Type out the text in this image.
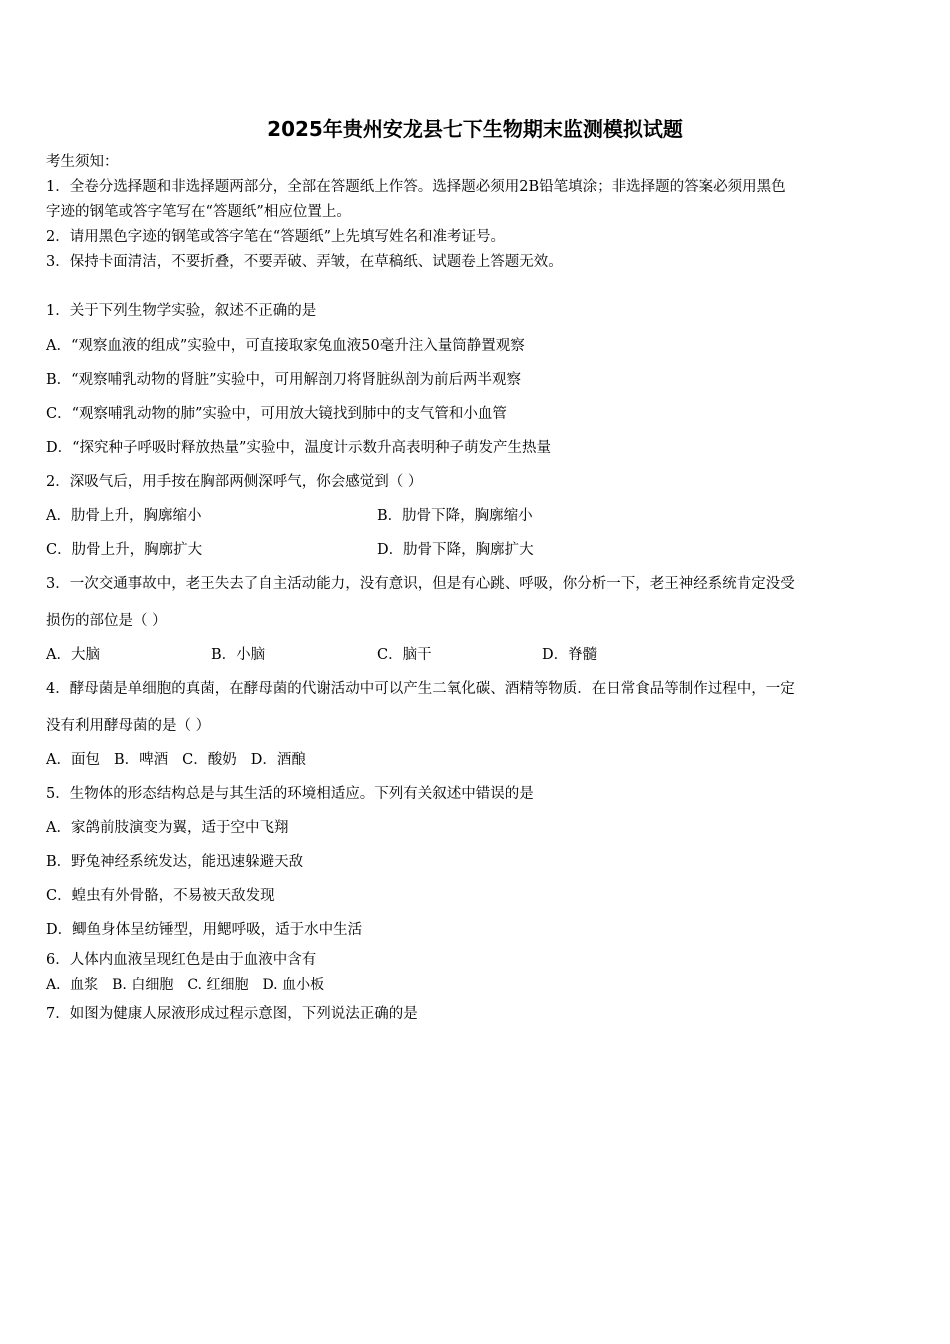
2025年贵州安龙县七下生物期末监测模拟试题
考生须知：
1．全卷分选择题和非选择题两部分，全部在答题纸上作答。选择题必须用2B铅笔填涂；非选择题的答案必须用黑色
字迹的钢笔或答字笔写在“答题纸”相应位置上。
2．请用黑色字迹的钢笔或答字笔在“答题纸”上先填写姓名和准考证号。
3．保持卡面清洁，不要折叠，不要弄破、弄皱，在草稿纸、试题卷上答题无效。
1．关于下列生物学实验，叙述不正确的是
A．“观察血液的组成”实验中，可直接取家兔血液50毫升注入量筒静置观察
B．“观察哺乳动物的肾脏”实验中，可用解剖刀将肾脏纵剖为前后两半观察
C．“观察哺乳动物的肺”实验中，可用放大镜找到肺中的支气管和小血管
D．“探究种子呼吸时释放热量”实验中，温度计示数升高表明种子萌发产生热量
2．深吸气后，用手按在胸部两侧深呼气，你会感觉到（ ）
A．肋骨上升，胸廓缩小	B．肋骨下降，胸廓缩小
C．肋骨上升，胸廓扩大	D．肋骨下降，胸廓扩大
3．一次交通事故中，老王失去了自主活动能力，没有意识，但是有心跳、呼吸，你分析一下，老王神经系统肯定没受
损伤的部位是（ ）
A．大脑	B．小脑	C．脑干	D．脊髓
4．酵母菌是单细胞的真菌，在酵母菌的代谢活动中可以产生二氧化碳、酒精等物质．在日常食品等制作过程中，一定
没有利用酵母菌的是（ ）
A．面包 B．啤酒 C．酸奶 D．酒酿
5．生物体的形态结构总是与其生活的环境相适应。下列有关叙述中错误的是
A．家鸽前肢演变为翼，适于空中飞翔
B．野兔神经系统发达，能迅速躲避天敌
C．蝗虫有外骨骼，不易被天敌发现
D．鲫鱼身体呈纺锤型，用鳃呼吸，适于水中生活
6．人体内血液呈现红色是由于血液中含有
A．血浆 B. 白细胞 C. 红细胞 D. 血小板
7．如图为健康人尿液形成过程示意图，下列说法正确的是
